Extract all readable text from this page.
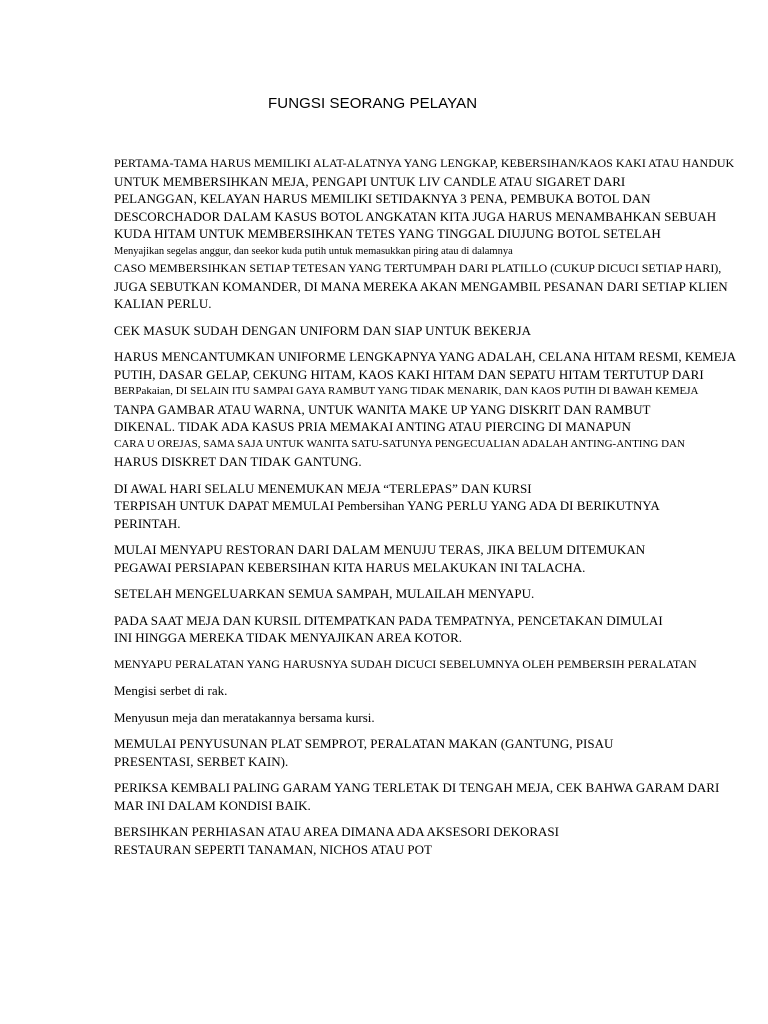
FUNGSI SEORANG PELAYAN
PERTAMA-TAMA HARUS MEMILIKI ALAT-ALATNYA YANG LENGKAP, KEBERSIHAN/KAOS KAKI ATAU HANDUK
UNTUK MEMBERSIHKAN MEJA, PENGAPI UNTUK LIV CANDLE ATAU SIGARET DARI
PELANGGAN, KELAYAN HARUS MEMILIKI SETIDAKNYA 3 PENA, PEMBUKA BOTOL DAN
DESCORCHADOR DALAM KASUS BOTOL ANGKATAN KITA JUGA HARUS MENAMBAHKAN SEBUAH
KUDA HITAM UNTUK MEMBERSIHKAN TETES YANG TINGGAL DIUJUNG BOTOL SETELAH
Menyajikan segelas anggur, dan seekor kuda putih untuk memasukkan piring atau di dalamnya
CASO MEMBERSIHKAN SETIAP TETESAN YANG TERTUMPAH DARI PLATILLO (CUKUP DICUCI SETIAP HARI),
JUGA SEBUTKAN KOMANDER, DI MANA MEREKA AKAN MENGAMBIL PESANAN DARI SETIAP KLIEN
KALIAN PERLU.
CEK MASUK SUDAH DENGAN UNIFORM DAN SIAP UNTUK BEKERJA
HARUS MENCANTUMKAN UNIFORME LENGKAPNYA YANG ADALAH, CELANA HITAM RESMI, KEMEJA
PUTIH, DASAR GELAP, CEKUNG HITAM, KAOS KAKI HITAM DAN SEPATU HITAM TERTUTUP DARI
BERPakaian, DI SELAIN ITU SAMPAI GAYA RAMBUT YANG TIDAK MENARIK, DAN KAOS PUTIH DI BAWAH KEMEJA
TANPA GAMBAR ATAU WARNA, UNTUK WANITA MAKE UP YANG DISKRIT DAN RAMBUT
DIKENAL. TIDAK ADA KASUS PRIA MEMAKAI ANTING ATAU PIERCING DI MANAPUN
CARA U OREJAS, SAMA SAJA UNTUK WANITA SATU-SATUNYA PENGECUALIAN ADALAH ANTING-ANTING DAN
HARUS DISKRET DAN TIDAK GANTUNG.
DI AWAL HARI SELALU MENEMUKAN MEJA “TERLEPAS” DAN KURSI
TERPISAH UNTUK DAPAT MEMULAI Pembersihan YANG PERLU YANG ADA DI BERIKUTNYA
PERINTAH.
MULAI MENYAPU RESTORAN DARI DALAM MENUJU TERAS, JIKA BELUM DITEMUKAN
PEGAWAI PERSIAPAN KEBERSIHAN KITA HARUS MELAKUKAN INI TALACHA.
SETELAH MENGELUARKAN SEMUA SAMPAH, MULAILAH MENYAPU.
PADA SAAT MEJA DAN KURSIL DITEMPATKAN PADA TEMPATNYA, PENCETAKAN DIMULAI
INI HINGGA MEREKA TIDAK MENYAJIKAN AREA KOTOR.
MENYAPU PERALATAN YANG HARUSNYA SUDAH DICUCI SEBELUMNYA OLEH PEMBERSIH PERALATAN
Mengisi serbet di rak.
Menyusun meja dan meratakannya bersama kursi.
MEMULAI PENYUSUNAN PLAT SEMPROT, PERALATAN MAKAN (GANTUNG, PISAU
PRESENTASI, SERBET KAIN).
PERIKSA KEMBALI PALING GARAM YANG TERLETAK DI TENGAH MEJA, CEK BAHWA GARAM DARI
MAR INI DALAM KONDISI BAIK.
BERSIHKAN PERHIASAN ATAU AREA DIMANA ADA AKSESORI DEKORASI
RESTAURAN SEPERTI TANAMAN, NICHOS ATAU POT
